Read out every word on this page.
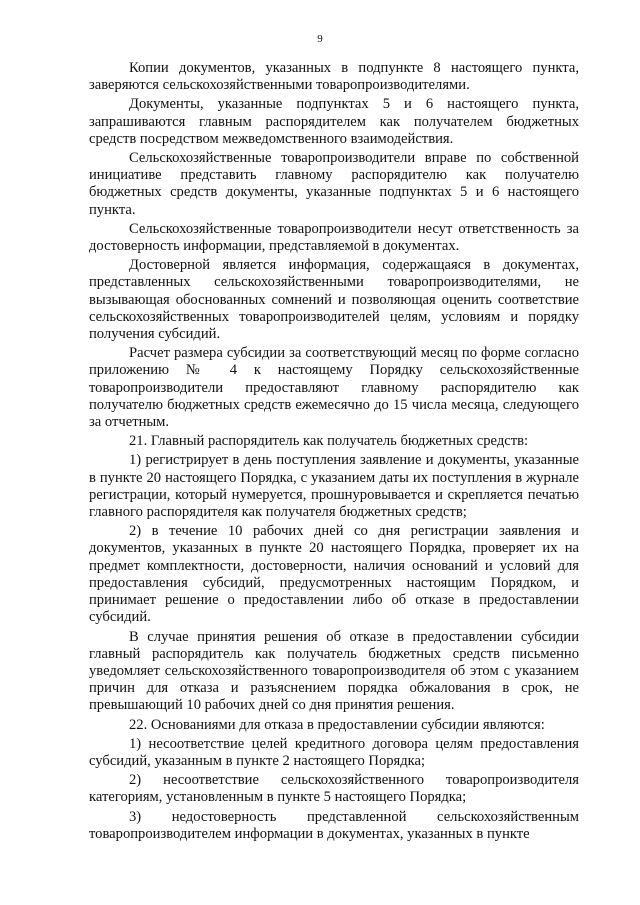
9

Копии документов, указанных в подпункте 8 настоящего пункта, заверяются сельскохозяйственными товаропроизводителями.

Документы, указанные подпунктах 5 и 6 настоящего пункта, запрашиваются главным распорядителем как получателем бюджетных средств посредством межведомственного взаимодействия.

Сельскохозяйственные товаропроизводители вправе по собственной инициативе представить главному распорядителю как получателю бюджетных средств документы, указанные подпунктах 5 и 6 настоящего пункта.

Сельскохозяйственные товаропроизводители несут ответственность за достоверность информации, представляемой в документах.

Достоверной является информация, содержащаяся в документах, представленных сельскохозяйственными товаропроизводителями, не вызывающая обоснованных сомнений и позволяющая оценить соответствие сельскохозяйственных товаропроизводителей целям, условиям и порядку получения субсидий.

Расчет размера субсидии за соответствующий месяц по форме согласно приложению № 4 к настоящему Порядку сельскохозяйственные товаропроизводители предоставляют главному распорядителю как получателю бюджетных средств ежемесячно до 15 числа месяца, следующего за отчетным.

21. Главный распорядитель как получатель бюджетных средств:

1) регистрирует в день поступления заявление и документы, указанные в пункте 20 настоящего Порядка, с указанием даты их поступления в журнале регистрации, который нумеруется, прошнуровывается и скрепляется печатью главного распорядителя как получателя бюджетных средств;

2) в течение 10 рабочих дней со дня регистрации заявления и документов, указанных в пункте 20 настоящего Порядка, проверяет их на предмет комплектности, достоверности, наличия оснований и условий для предоставления субсидий, предусмотренных настоящим Порядком, и принимает решение о предоставлении либо об отказе в предоставлении субсидий.

В случае принятия решения об отказе в предоставлении субсидии главный распорядитель как получатель бюджетных средств письменно уведомляет сельскохозяйственного товаропроизводителя об этом с указанием причин для отказа и разъяснением порядка обжалования в срок, не превышающий 10 рабочих дней со дня принятия решения.

22. Основаниями для отказа в предоставлении субсидии являются:

1) несоответствие целей кредитного договора целям предоставления субсидий, указанным в пункте 2 настоящего Порядка;

2) несоответствие сельскохозяйственного товаропроизводителя категориям, установленным в пункте 5 настоящего Порядка;

3) недостоверность представленной сельскохозяйственным товаропроизводителем информации в документах, указанных в пункте
